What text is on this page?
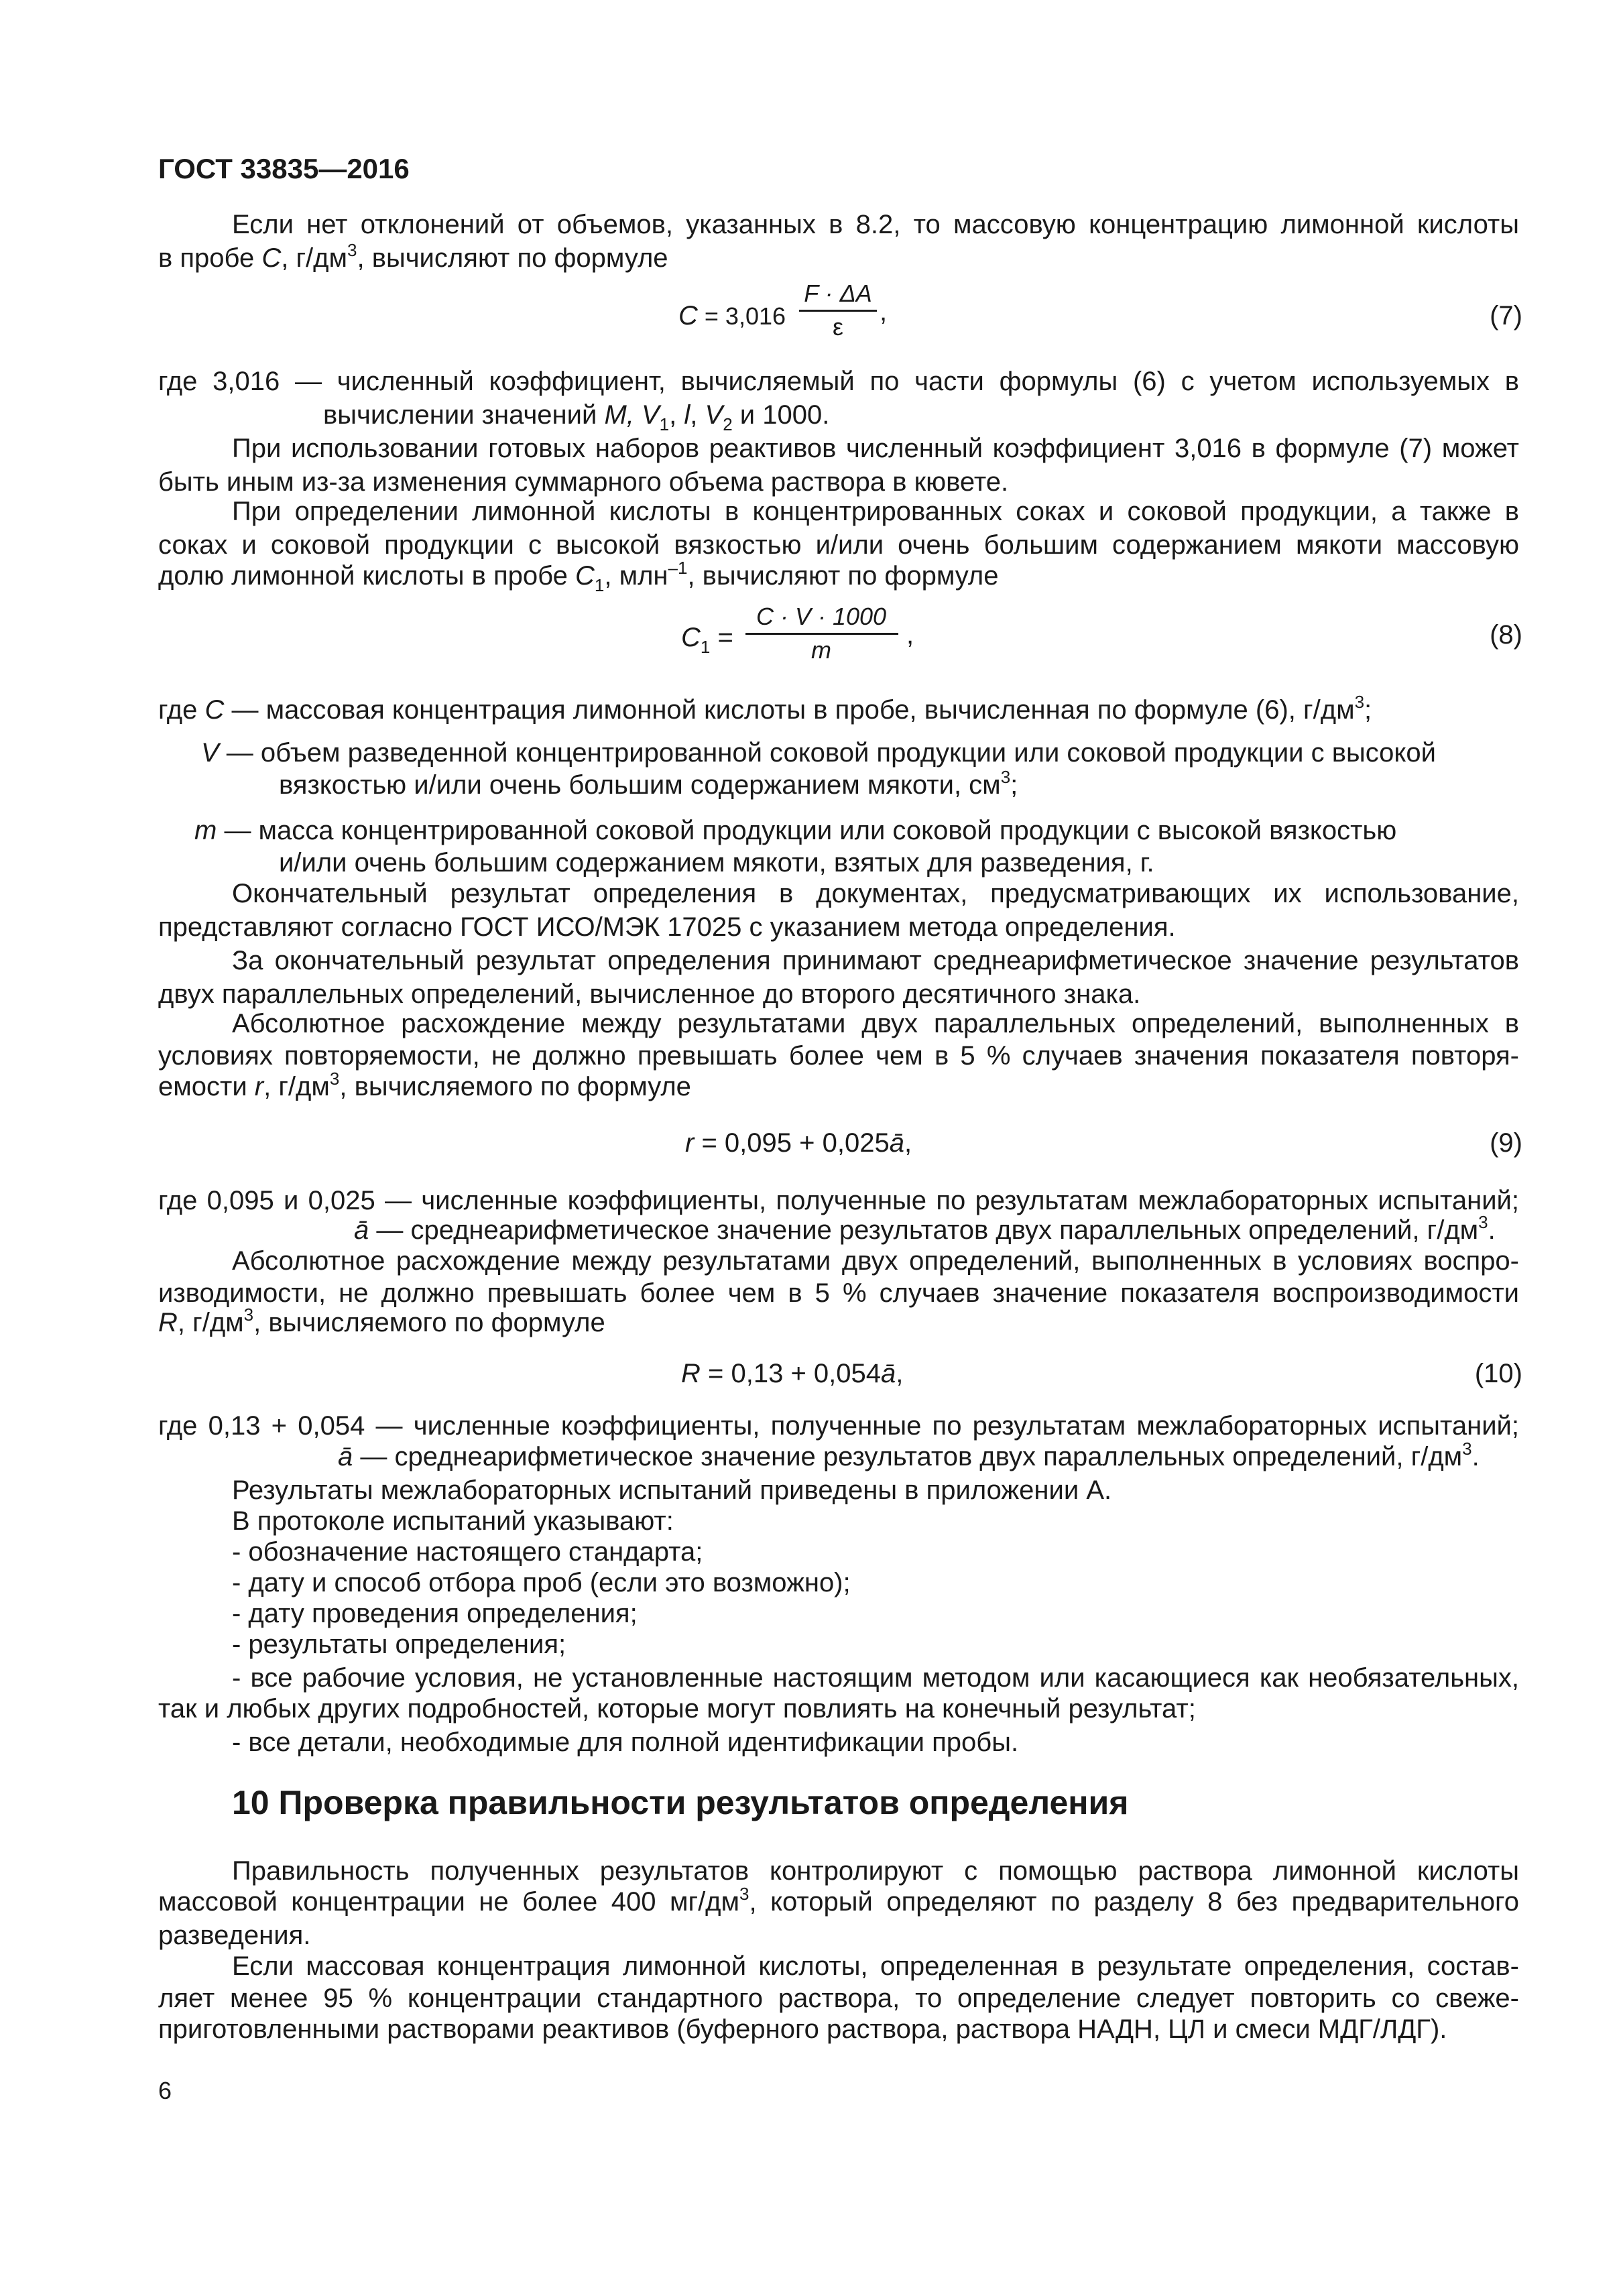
ГОСТ 33835—2016
Если нет отклонений от объемов, указанных в 8.2, то массовую концентрацию лимонной кислоты
в пробе C, $г/дм^3$, вычисляют по формуле
C = 3,016
F · ΔA
ε
,	(7)
где 3,016 — численный коэффициент, вычисляемый по части формулы (6) с учетом используемых в
вычислении значений M, $V_1$, l, $V_2$ и 1000.
При использовании готовых наборов реактивов численный коэффициент 3,016 в формуле (7) может
быть иным из-за изменения суммарного объема раствора в кювете.
При определении лимонной кислоты в концентрированных соках и соковой продукции, а также в
соках и соковой продукции с высокой вязкостью и/или очень большим содержанием мякоти массовую
долю лимонной кислоты в пробе $C_1$, млн$^{-1}$, вычисляют по формуле
$C_1$ =
C · V · 1000
m
,	(8)
где C — массовая концентрация лимонной кислоты в пробе, вычисленная по формуле (6), $г/дм^3$;
V — объем разведенной концентрированной соковой продукции или соковой продукции с высокой
вязкостью и/или очень большим содержанием мякоти, $см^3$;
m — масса концентрированной соковой продукции или соковой продукции с высокой вязкостью
и/или очень большим содержанием мякоти, взятых для разведения, г.
Окончательный результат определения в документах, предусматривающих их использование,
представляют согласно ГОСТ ИСО/МЭК 17025 с указанием метода определения.
За окончательный результат определения принимают среднеарифметическое значение результатов
двух параллельных определений, вычисленное до второго десятичного знака.
Абсолютное расхождение между результатами двух параллельных определений, выполненных в
условиях повторяемости, не должно превышать более чем в 5 % случаев значения показателя повторя-
емости r, $г/дм^3$, вычисляемого по формуле
r = 0,095 + 0,025ā,	(9)
где 0,095 и 0,025 — численные коэффициенты, полученные по результатам межлабораторных испытаний;
ā — среднеарифметическое значение результатов двух параллельных определений, $г/дм^3$.
Абсолютное расхождение между результатами двух определений, выполненных в условиях воспро-
изводимости, не должно превышать более чем в 5 % случаев значение показателя воспроизводимости
R, $г/дм^3$, вычисляемого по формуле
R = 0,13 + 0,054ā,	(10)
где 0,13 + 0,054 — численные коэффициенты, полученные по результатам межлабораторных испытаний;
ā — среднеарифметическое значение результатов двух параллельных определений, $г/дм^3$.
Результаты межлабораторных испытаний приведены в приложении А.
В протоколе испытаний указывают:
- обозначение настоящего стандарта;
- дату и способ отбора проб (если это возможно);
- дату проведения определения;
- результаты определения;
- все рабочие условия, не установленные настоящим методом или касающиеся как необязательных,
так и любых других подробностей, которые могут повлиять на конечный результат;
- все детали, необходимые для полной идентификации пробы.
10 Проверка правильности результатов определения
Правильность полученных результатов контролируют с помощью раствора лимонной кислоты
массовой концентрации не более 400 $мг/дм^3$, который определяют по разделу 8 без предварительного
разведения.
Если массовая концентрация лимонной кислоты, определенная в результате определения, состав-
ляет менее 95 % концентрации стандартного раствора, то определение следует повторить со свеже-
приготовленными растворами реактивов (буферного раствора, раствора НАДН, ЦЛ и смеси МДГ/ЛДГ).
6
